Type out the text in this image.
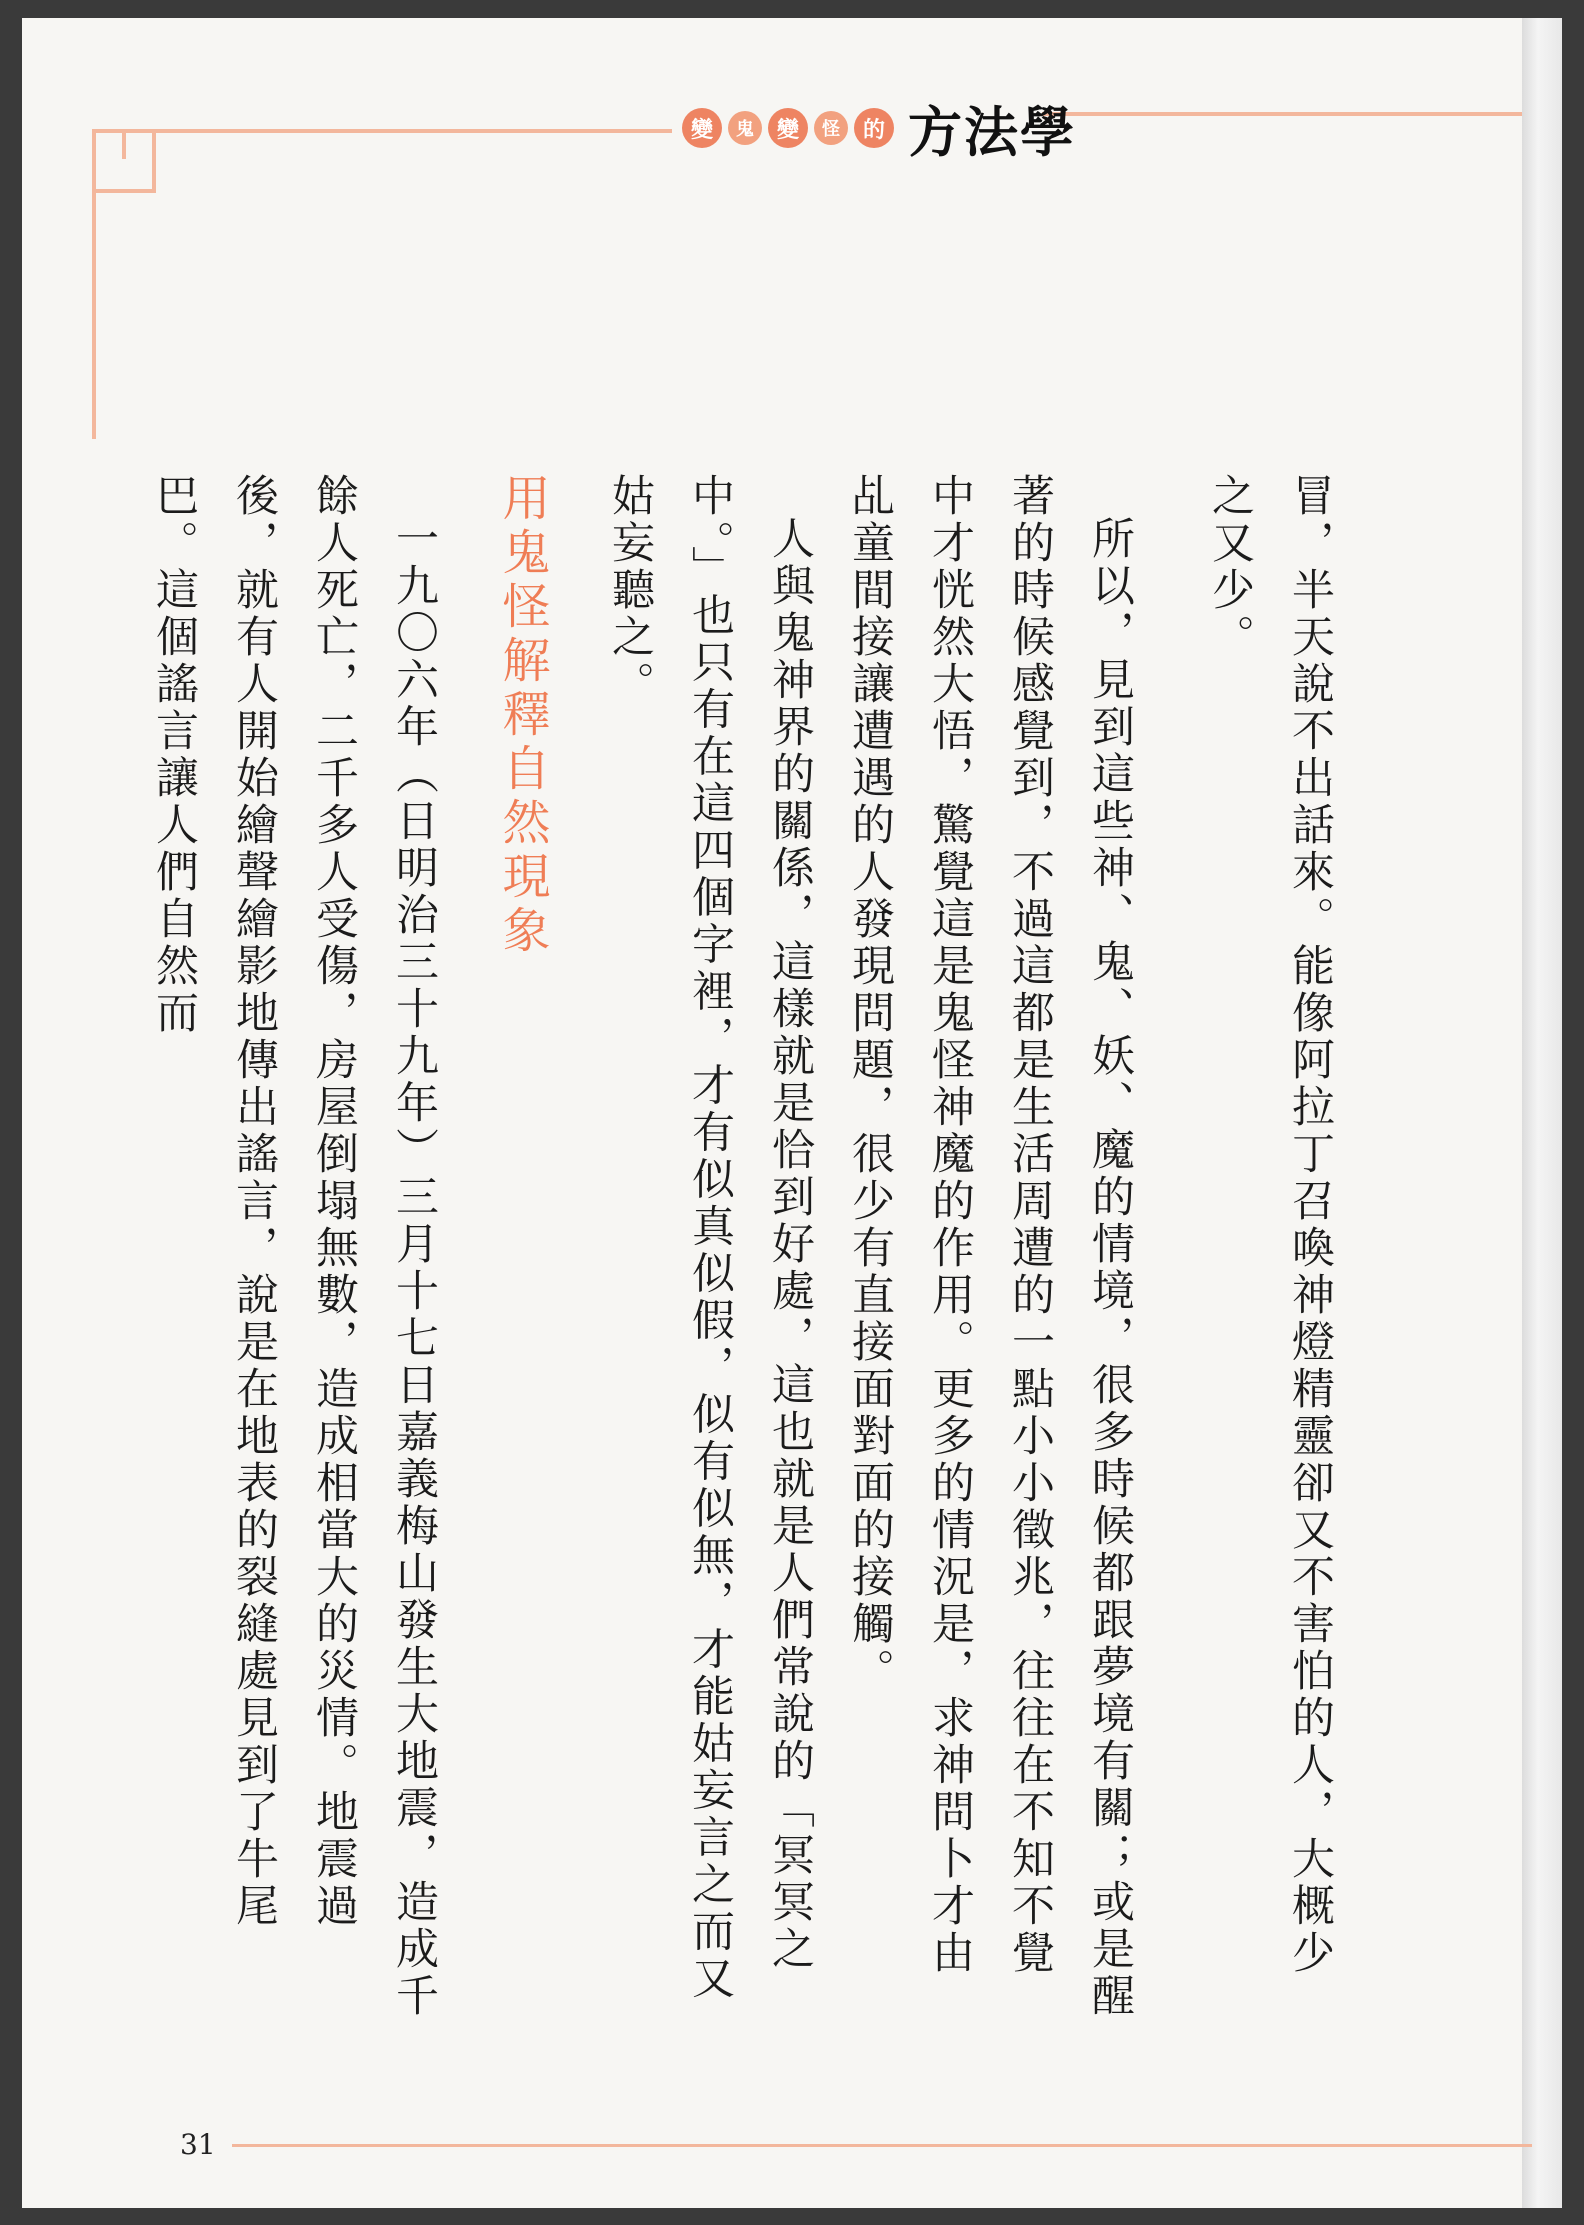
變	鬼	變	怪	的 方法學

冒，半天說不出話來。能像阿拉丁召喚神燈精靈卻又不害怕的人，大概少之又少。

所以，見到這些神、鬼、妖、魔的情境，很多時候都跟夢境有關；或是醒著的時候感覺到，不過這都是生活周遭的一點小小徵兆，往往在不知不覺中才恍然大悟，驚覺這是鬼怪神魔的作用。更多的情況是，求神問卜才由乩童間接讓遭遇的人發現問題，很少有直接面對面的接觸。

人與鬼神界的關係，這樣就是恰到好處，這也就是人們常說的「冥冥之中。」也只有在這四個字裡，才有似真似假，似有似無，才能姑妄言之而又姑妄聽之。

用鬼怪解釋自然現象

一九〇六年（日明治三十九年）三月十七日嘉義梅山發生大地震，造成千餘人死亡，二千多人受傷，房屋倒塌無數，造成相當大的災情。地震過後，就有人開始繪聲繪影地傳出謠言，說是在地表的裂縫處見到了牛尾巴。這個謠言讓人們自然而

31
